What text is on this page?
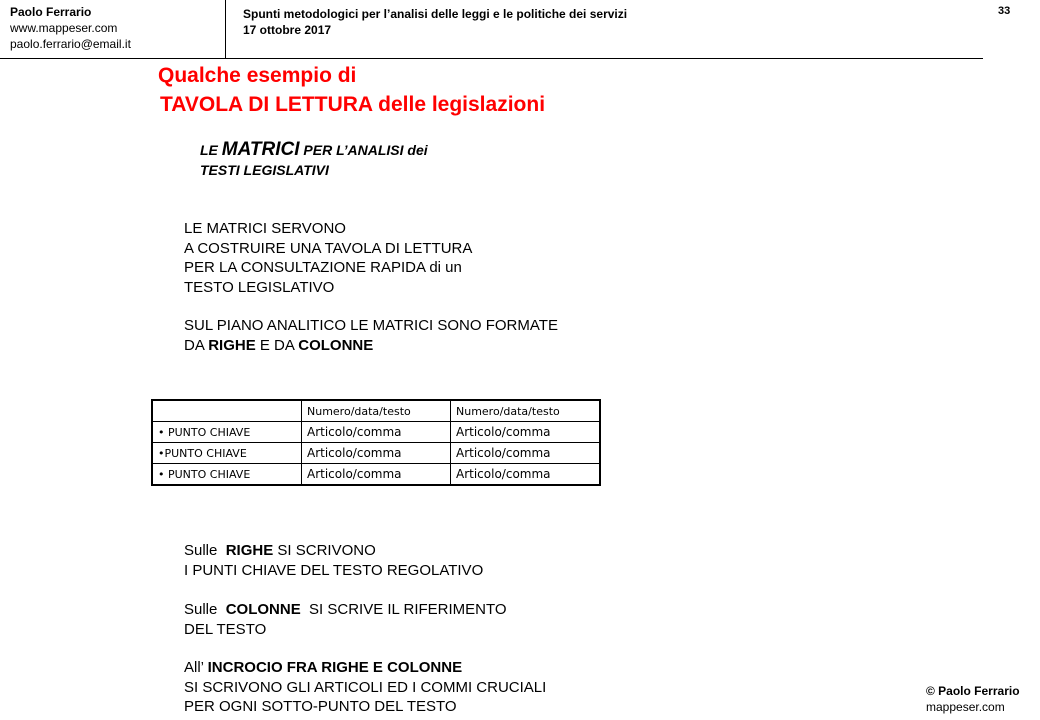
Paolo Ferrario
www.mappeser.com
paolo.ferrario@email.it
Spunti metodologici per l’analisi delle leggi e le politiche dei servizi
17 ottobre 2017
33
Qualche esempio di
TAVOLA DI LETTURA delle legislazioni
LE MATRICI PER L’ANALISI dei
TESTI LEGISLATIVI
LE MATRICI SERVONO
A COSTRUIRE UNA TAVOLA DI LETTURA
PER LA CONSULTAZIONE RAPIDA di un
TESTO LEGISLATIVO
SUL PIANO ANALITICO LE MATRICI SONO FORMATE
DA RIGHE E DA COLONNE
	Numero/data/testo	Numero/data/testo
• PUNTO CHIAVE	Articolo/comma	Articolo/comma
•PUNTO CHIAVE	Articolo/comma	Articolo/comma
• PUNTO CHIAVE	Articolo/comma	Articolo/comma
Sulle  RIGHE SI SCRIVONO
I PUNTI CHIAVE DEL TESTO REGOLATIVO
Sulle  COLONNE  SI SCRIVE IL RIFERIMENTO
DEL TESTO
All’ INCROCIO FRA RIGHE E COLONNE
SI SCRIVONO GLI ARTICOLI ED I COMMI CRUCIALI
PER OGNI SOTTO-PUNTO DEL TESTO
© Paolo Ferrario
mappeser.com
